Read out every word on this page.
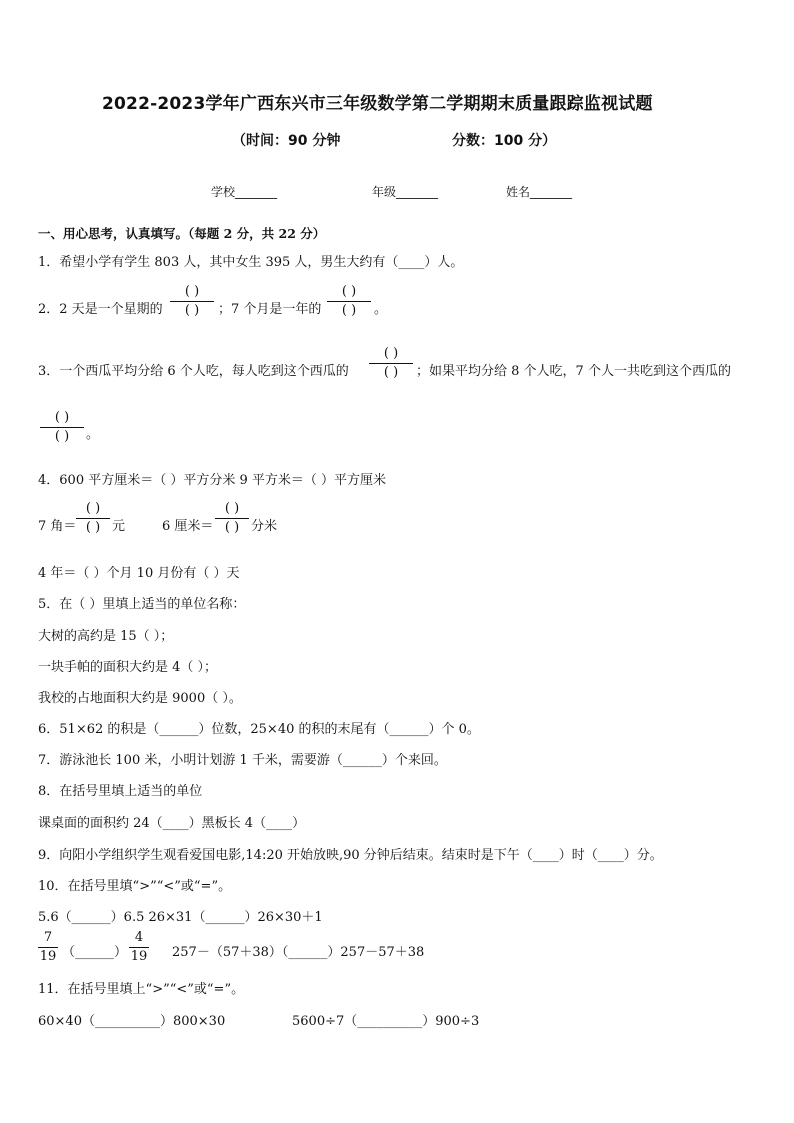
2022-2023学年广西东兴市三年级数学第二学期期末质量跟踪监视试题
（时间：90 分钟	分数：100 分）
学校_______	年级_______	姓名_______
一、用心思考，认真填写。（每题 2 分，共 22 分）
1．希望小学有学生 803 人，其中女生 395 人，男生大约有（____）人。
2．2 天是一个星期的
( )
( )	；7 个月是一年的
( )
( )	。
3．一个西瓜平均分给 6 个人吃，每人吃到这个西瓜的
( )
( )	；如果平均分给 8 个人吃，7 个人一共吃到这个西瓜的
( )
( )	。
4．600 平方厘米＝（ ）平方分米 9 平方米＝（ ）平方厘米
7 角＝
( )
( ) 元	6 厘米＝
( )
( ) 分米
4 年＝（ ）个月 10 月份有（ ）天
5．在（ ）里填上适当的单位名称：
大树的高约是 15（ ）；
一块手帕的面积大约是 4（ ）；
我校的占地面积大约是 9000（ ）。
6．51×62 的积是（______）位数，25×40 的积的末尾有（______）个 0。
7．游泳池长 100 米，小明计划游 1 千米，需要游（______）个来回。
8．在括号里填上适当的单位
课桌面的面积约 24（____）黑板长 4（____）
9．向阳小学组织学生观看爱国电影,14:20 开始放映,90 分钟后结束。结束时是下午（____）时（____）分。
10．在括号里填“>”“<”或“=”。
5.6（______）6.5 26×31（______）26×30＋1
7
19 （______）
4
19 257－（57＋38）（______）257－57＋38
11．在括号里填上“>”“<”或“=”。
60×40（__________）800×30	5600÷7（__________）900÷3
